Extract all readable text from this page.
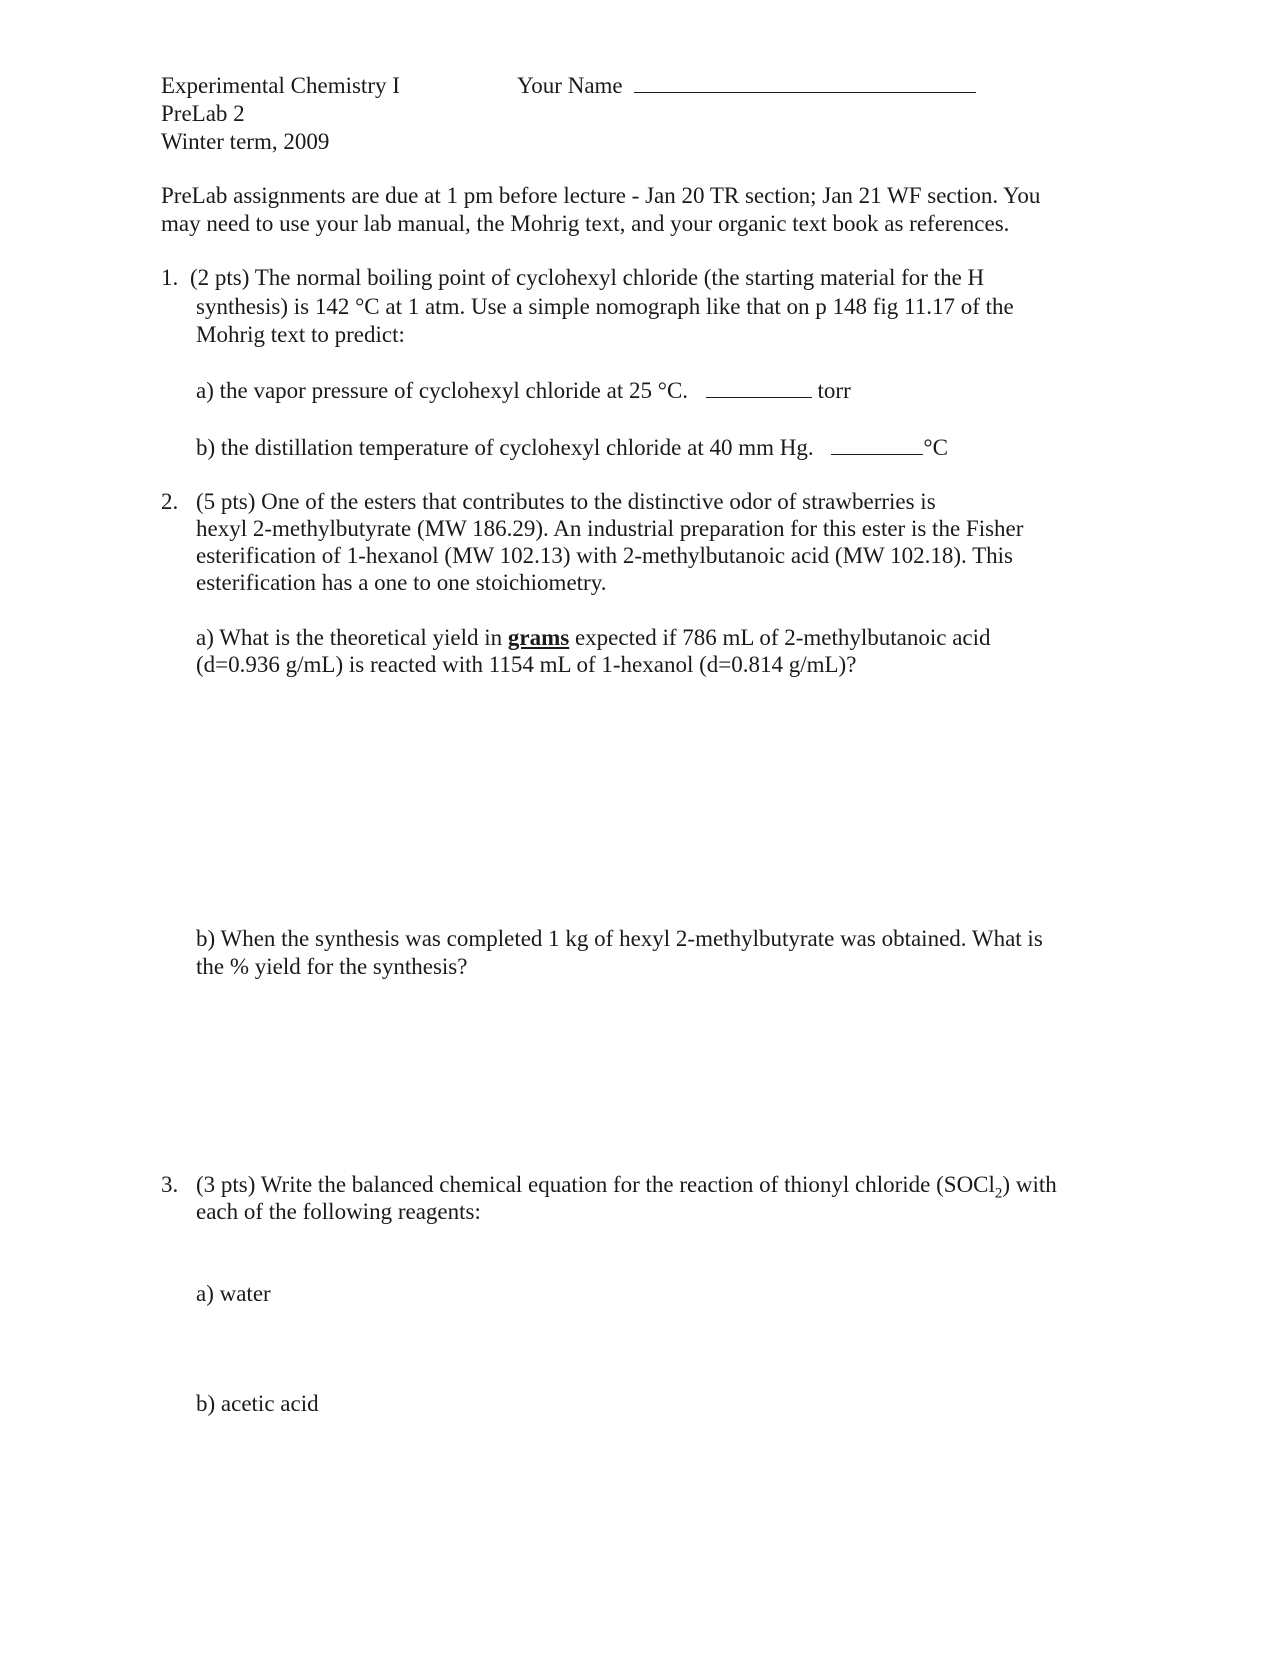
Experimental Chemistry I
PreLab 2
Winter term, 2009
Your Name
PreLab assignments are due at 1 pm before lecture - Jan 20 TR section; Jan 21 WF section. You
may need to use your lab manual, the Mohrig text, and your organic text book as references.
1. (2 pts) The normal boiling point of cyclohexyl chloride (the starting material for the H
synthesis) is 142 °C at 1 atm. Use a simple nomograph like that on p 148 fig 11.17 of the
Mohrig text to predict:
a) the vapor pressure of cyclohexyl chloride at 25 °C.	torr
b) the distillation temperature of cyclohexyl chloride at 40 mm Hg.	°C
2. (5 pts) One of the esters that contributes to the distinctive odor of strawberries is
hexyl 2-methylbutyrate (MW 186.29). An industrial preparation for this ester is the Fisher
esterification of 1-hexanol (MW 102.13) with 2-methylbutanoic acid (MW 102.18). This
esterification has a one to one stoichiometry.
a) What is the theoretical yield in grams expected if 786 mL of 2-methylbutanoic acid
(d=0.936 g/mL) is reacted with 1154 mL of 1-hexanol (d=0.814 g/mL)?
b) When the synthesis was completed 1 kg of hexyl 2-methylbutyrate was obtained. What is
the % yield for the synthesis?
3. (3 pts) Write the balanced chemical equation for the reaction of thionyl chloride (SOCl$_2$) with
each of the following reagents:
a) water
b) acetic acid
